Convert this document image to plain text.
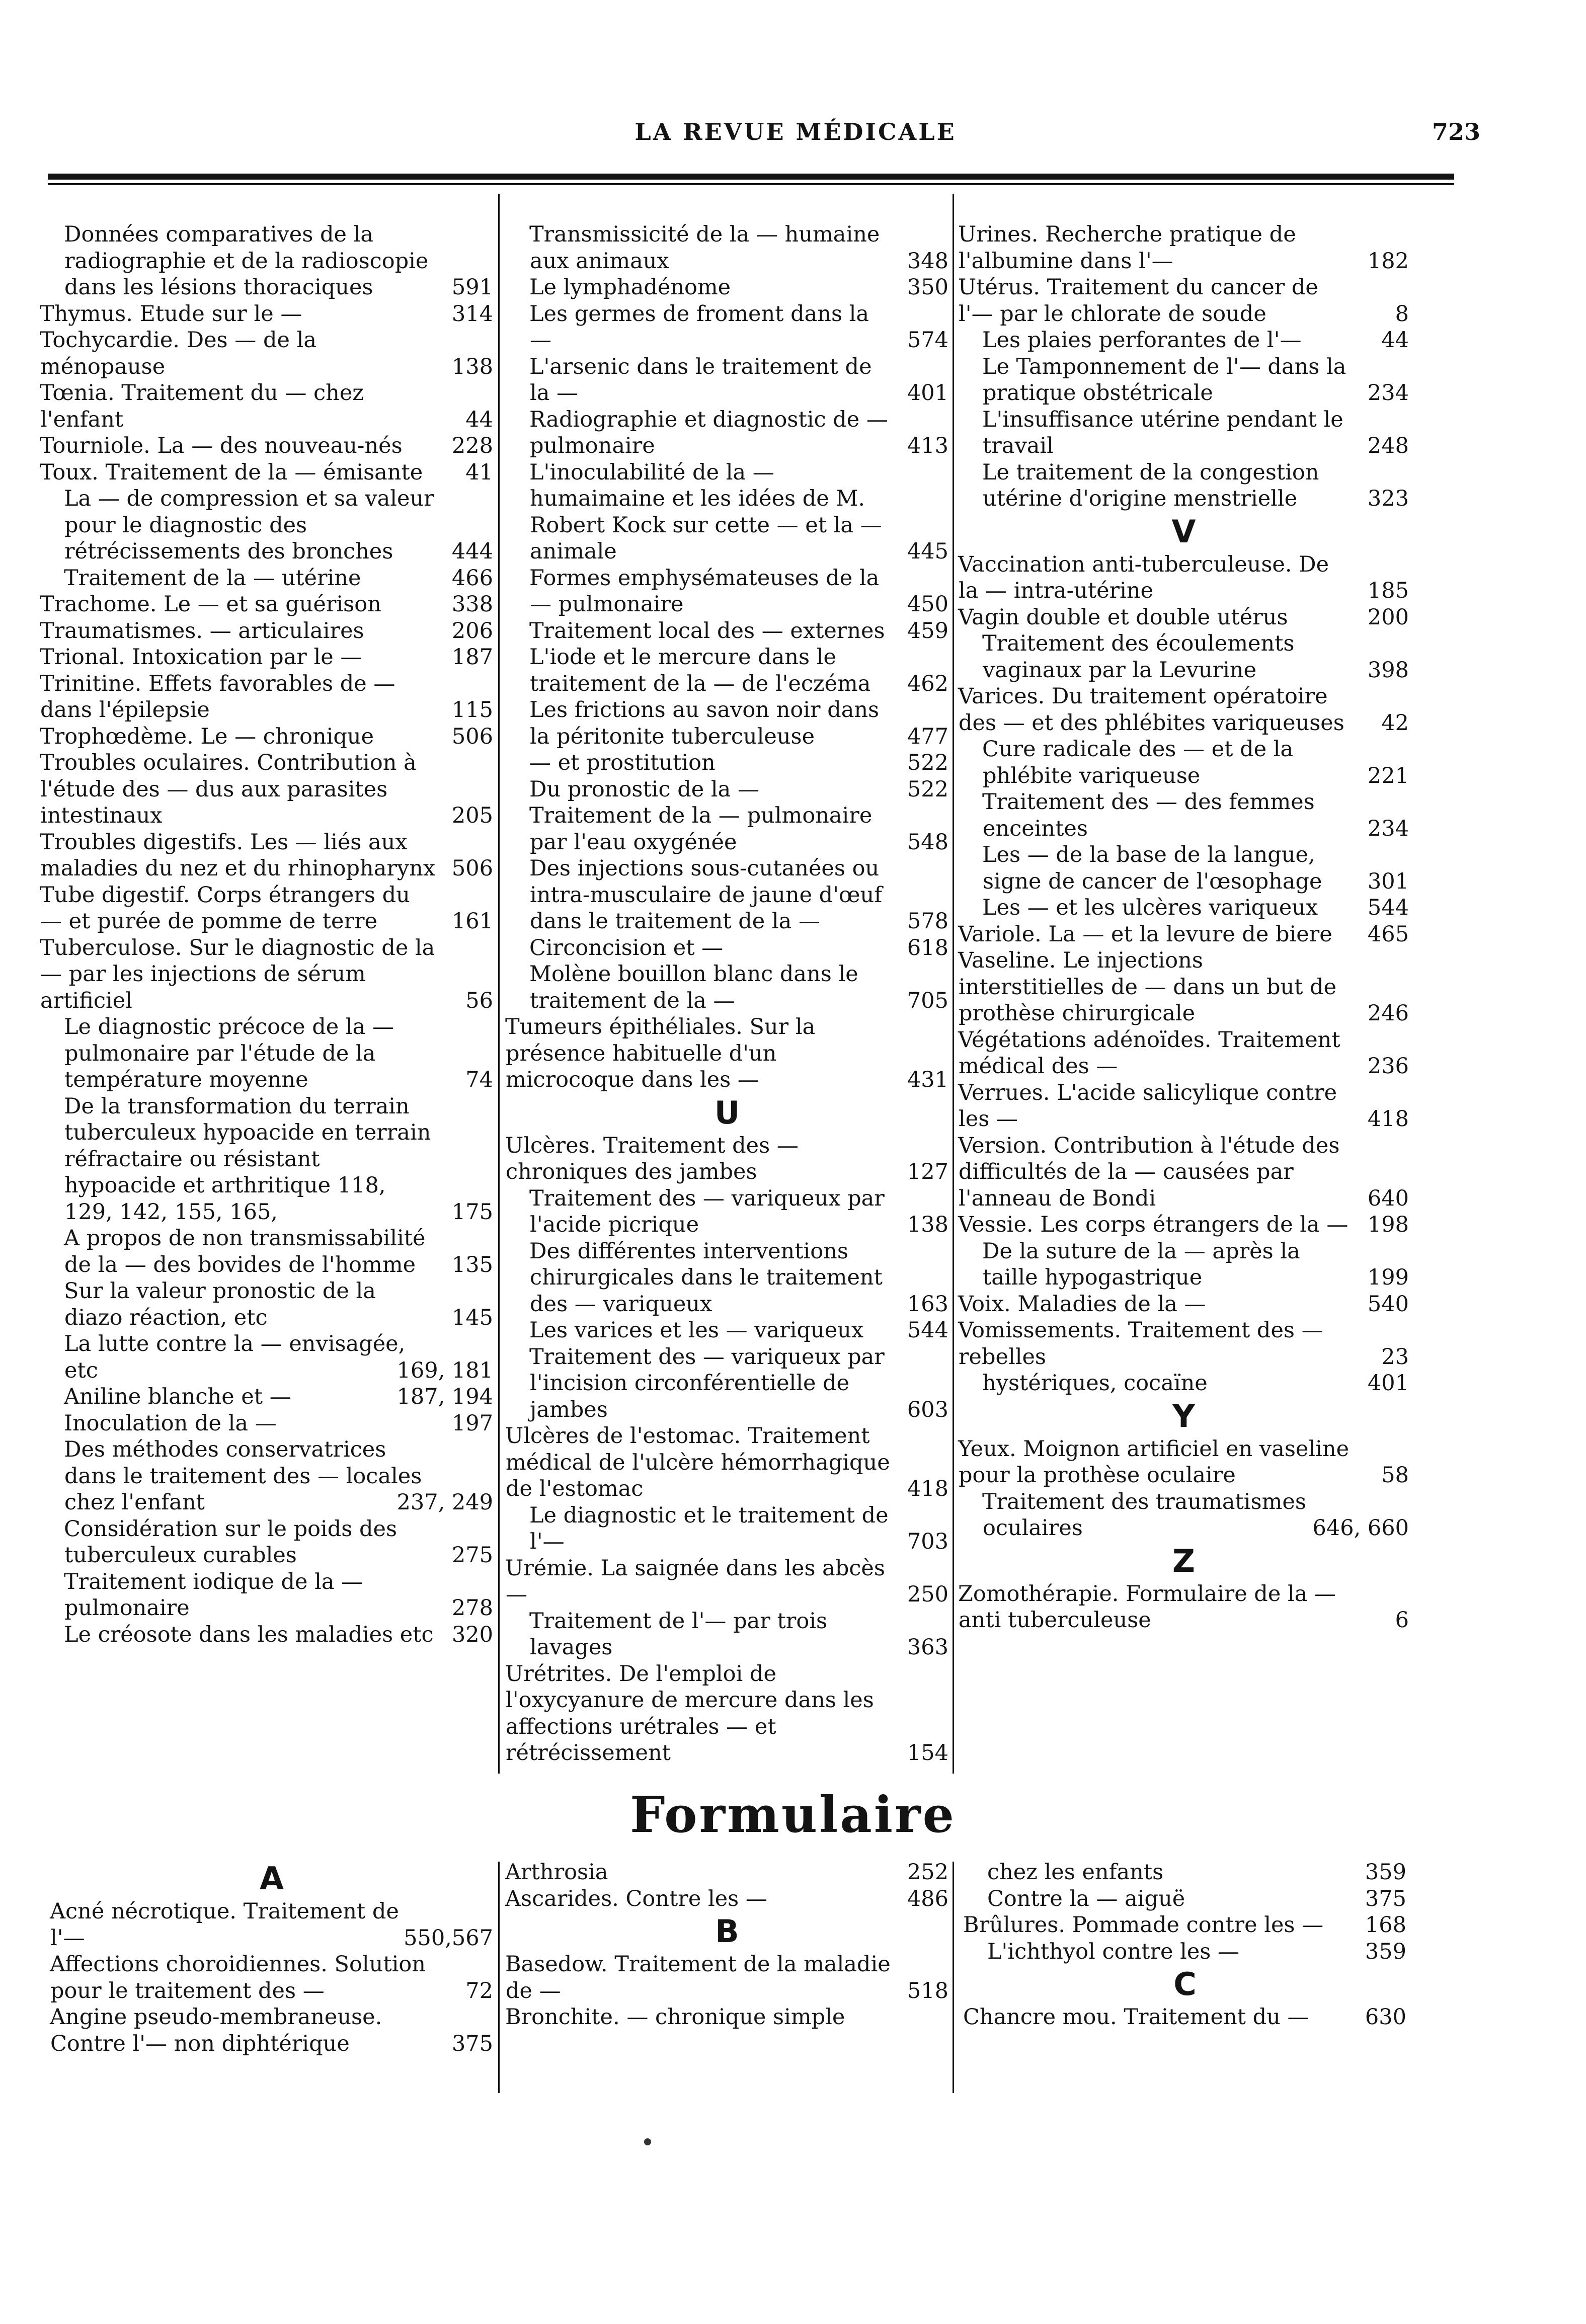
LA REVUE MÉDICALE	723
Données comparatives de la radiographie et de la radioscopie dans les lésions thoraciques	591
Thymus. Etude sur le —	314
Tochycardie. Des — de la ménopause	138
Tœnia. Traitement du — chez l'enfant	44
Tourniole. La — des nouveau-nés 228
Toux. Traitement de la — émisante 41
La — de compression et sa valeur pour le diagnostic des rétrécissements des bronches	444
Traitement de la — utérine	466
Trachome. Le — et sa guérison	338
Traumatismes. — articulaires	206
Trional. Intoxication par le —	187
Trinitine. Effets favorables de — dans l'épilepsie	115
Trophœdème. Le — chronique	506
Troubles oculaires. Contribution à l'étude des — dus aux parasites intestinaux	205
Troubles digestifs. Les — liés aux maladies du nez et du rhinopharynx 506
Tube digestif. Corps étrangers du — et purée de pomme de terre	161
Tuberculose. Sur le diagnostic de la — par les injections de sérum artificiel	56
Le diagnostic précoce de la — pulmonaire par l'étude de la température moyenne	74
De la transformation du terrain tuberculeux hypoacide en terrain réfractaire ou résistant hypoacide et arthritique 118, 129, 142, 155, 165,	175
A propos de non transmissabilité de la — des bovides de l'homme 135
Sur la valeur pronostic de la diazo réaction, etc	145
La lutte contre la — envisagée, etc	169, 181
Aniline blanche et —	187, 194
Inoculation de la —	197
Des méthodes conservatrices dans le traitement des — locales chez l'enfant	237, 249
Considération sur le poids des tuberculeux curables	275
Traitement iodique de la — pulmonaire	278
Le créosote dans les maladies etc 320
Transmissicité de la — humaine aux animaux	348
Le lymphadénome	350
Les germes de froment dans la —	574
L'arsenic dans le traitement de la —	401
Radiographie et diagnostic de — pulmonaire	413
L'inoculabilité de la — humaimaine et les idées de M. Robert Kock sur cette — et la — animale	445
Formes emphysémateuses de la — pulmonaire	450
Traitement local des — externes 459
L'iode et le mercure dans le traitement de la — de l'eczéma 462
Les frictions au savon noir dans la péritonite tuberculeuse	477
— et prostitution	522
Du pronostic de la —	522
Traitement de la — pulmonaire par l'eau oxygénée	548
Des injections sous-cutanées ou intra-musculaire de jaune d'œuf dans le traitement de la —	578
Circoncision et —	618
Molène bouillon blanc dans le traitement de la —	705
Tumeurs épithéliales. Sur la présence habituelle d'un microcoque dans les —	431
U
Ulcères. Traitement des — chroniques des jambes	127
Traitement des — variqueux par l'acide picrique	138
Des différentes interventions chirurgicales dans le traitement des — variqueux	163
Les varices et les — variqueux 544
Traitement des — variqueux par l'incision circonférentielle de jambes	603
Ulcères de l'estomac. Traitement médical de l'ulcère hémorrhagique de l'estomac	418
Le diagnostic et le traitement de l'—	703
Urémie. La saignée dans les abcès —	250
Traitement de l'— par trois lavages	363
Urétrites. De l'emploi de l'oxycyanure de mercure dans les affections urétrales — et rétrécissement	154
Urines. Recherche pratique de l'albumine dans l'—	182
Utérus. Traitement du cancer de l'— par le chlorate de soude	8
Les plaies perforantes de l'—	44
Le Tamponnement de l'— dans la pratique obstétricale	234
L'insuffisance utérine pendant le travail	248
Le traitement de la congestion utérine d'origine menstrielle	323
V
Vaccination anti-tuberculeuse. De la — intra-utérine	185
Vagin double et double utérus	200
Traitement des écoulements vaginaux par la Levurine	398
Varices. Du traitement opératoire des — et des phlébites variqueuses 42
Cure radicale des — et de la phlébite variqueuse	221
Traitement des — des femmes enceintes	234
Les — de la base de la langue, signe de cancer de l'œsophage 301
Les — et les ulcères variqueux 544
Variole. La — et la levure de biere 465
Vaseline. Le injections interstitielles de — dans un but de prothèse chirurgicale	246
Végétations adénoïdes. Traitement médical des —	236
Verrues. L'acide salicylique contre les —	418
Version. Contribution à l'étude des difficultés de la — causées par l'anneau de Bondi	640
Vessie. Les corps étrangers de la — 198
De la suture de la — après la taille hypogastrique	199
Voix. Maladies de la —	540
Vomissements. Traitement des — rebelles	23
hystériques, cocaïne	401
Y
Yeux. Moignon artificiel en vaseline pour la prothèse oculaire	58
Traitement des traumatismes oculaires	646, 660
Z
Zomothérapie. Formulaire de la — anti tuberculeuse	6
Formulaire
A
Acné nécrotique. Traitement de l'—	550,567
Affections choroidiennes. Solution pour le traitement des —	72
Angine pseudo-membraneuse. Contre l'— non diphtérique	375
Arthrosia	252
Ascarides. Contre les —	486
B
Basedow. Traitement de la maladie de —	518
Bronchite. — chronique simple
chez les enfants	359
Contre la — aiguë	375
Brûlures. Pommade contre les — 168
L'ichthyol contre les —	359
C
Chancre mou. Traitement du —	630
